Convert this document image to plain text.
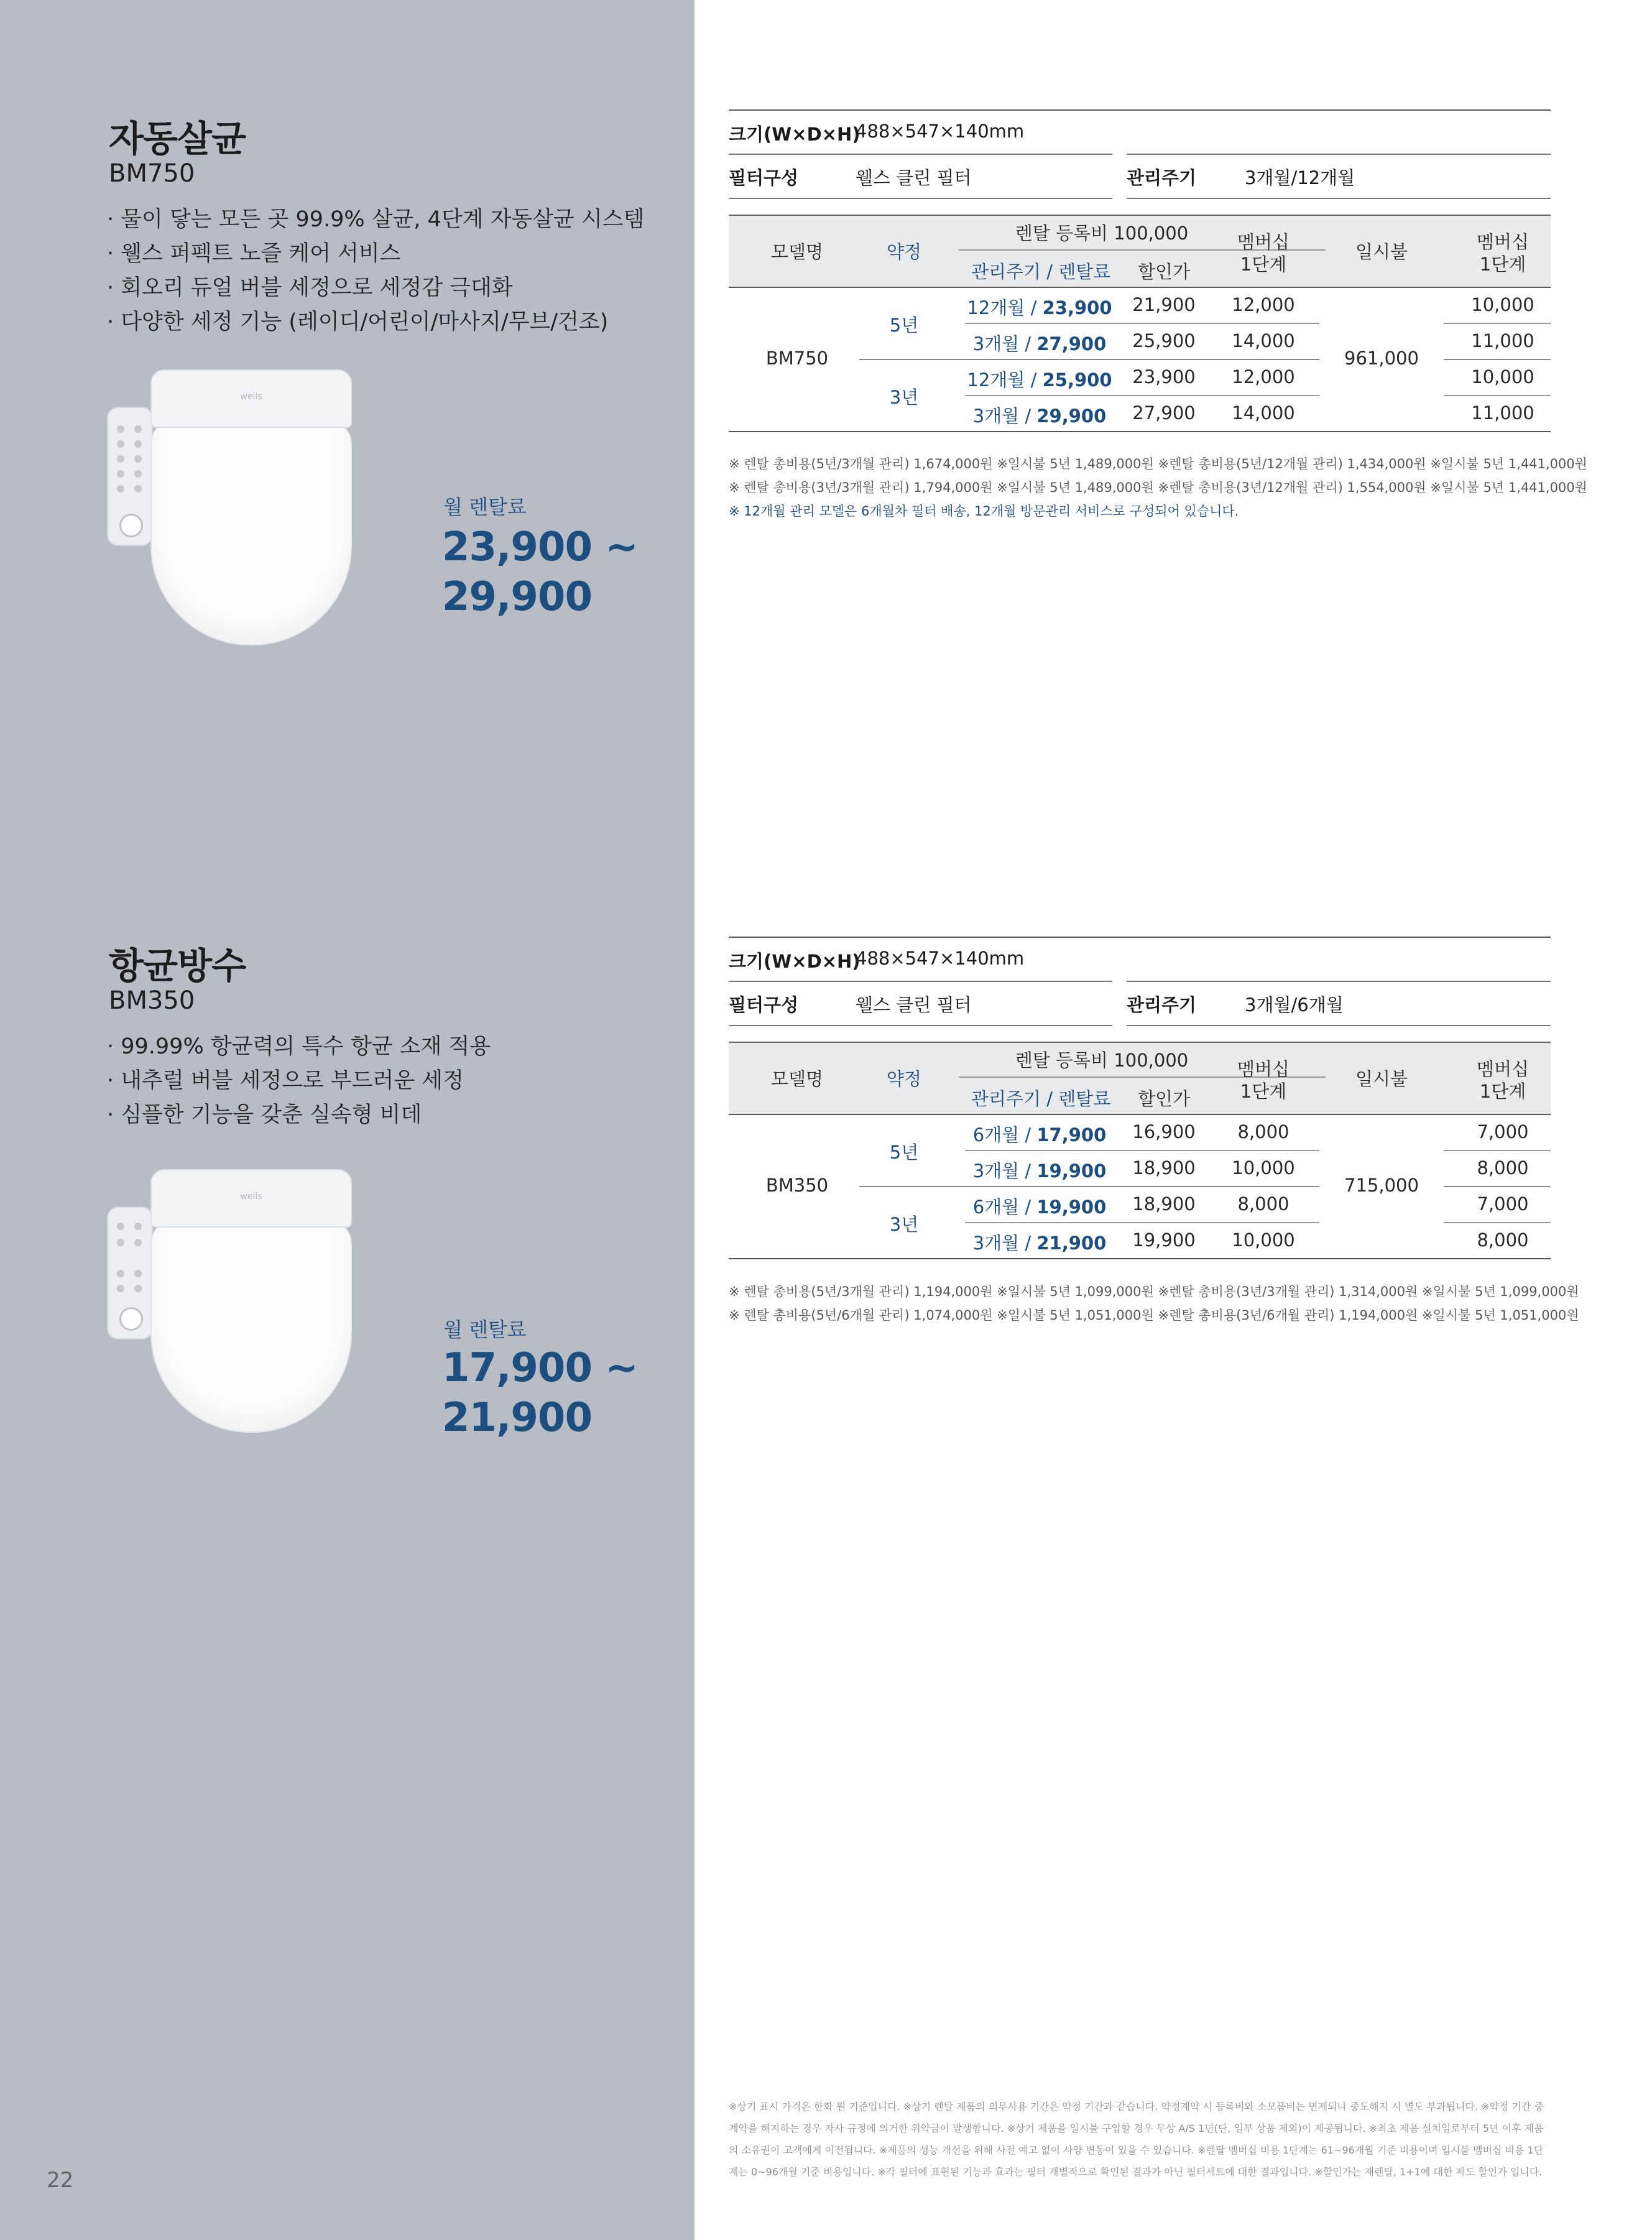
자동살균
BM750
· 물이 닿는 모든 곳 99.9% 살균, 4단계 자동살균 시스템
· 웰스 퍼펙트 노즐 케어 서비스
· 회오리 듀얼 버블 세정으로 세정감 극대화
· 다양한 세정 기능 (레이디/어린이/마사지/무브/건조)
wells
월 렌탈료
23,900 ~
29,900
크기(W×D×H)
488×547×140mm
필터구성	웰스 클린 필터	관리주기	3개월/12개월
모델명	약정
렌탈 등록비 100,000
관리주기 / 렌탈료	할인가
멤버십
1단계
일시불	멤버십
1단계
5년
12개월 / 23,900	21,900	12,000	10,000
3개월 / 27,900	25,900	14,000	11,000
3년
12개월 / 25,900	23,900	12,000	10,000
3개월 / 29,900	27,900	14,000	11,000
BM750	961,000
※ 렌탈 총비용(5년/3개월 관리) 1,674,000원 ※일시불 5년 1,489,000원 ※렌탈 총비용(5년/12개월 관리) 1,434,000원 ※일시불 5년 1,441,000원
※ 렌탈 총비용(3년/3개월 관리) 1,794,000원 ※일시불 5년 1,489,000원 ※렌탈 총비용(3년/12개월 관리) 1,554,000원 ※일시불 5년 1,441,000원
※ 12개월 관리 모델은 6개월차 필터 배송, 12개월 방문관리 서비스로 구성되어 있습니다.
항균방수
BM350
· 99.99% 항균력의 특수 항균 소재 적용
· 내추럴 버블 세정으로 부드러운 세정
· 심플한 기능을 갖춘 실속형 비데
wells
월 렌탈료
17,900 ~
21,900
크기(W×D×H)
488×547×140mm
필터구성	웰스 클린 필터	관리주기	3개월/6개월
모델명	약정
렌탈 등록비 100,000
관리주기 / 렌탈료	할인가
멤버십
1단계
일시불	멤버십
1단계
5년
6개월 / 17,900	16,900	8,000	7,000
3개월 / 19,900	18,900	10,000	8,000
3년
6개월 / 19,900	18,900	8,000	7,000
3개월 / 21,900	19,900	10,000	8,000
BM350	715,000
※ 렌탈 총비용(5년/3개월 관리) 1,194,000원 ※일시불 5년 1,099,000원 ※렌탈 총비용(3년/3개월 관리) 1,314,000원 ※일시불 5년 1,099,000원
※ 렌탈 총비용(5년/6개월 관리) 1,074,000원 ※일시불 5년 1,051,000원 ※렌탈 총비용(3년/6개월 관리) 1,194,000원 ※일시불 5년 1,051,000원
※상기 표시 가격은 한화 원 기준입니다. ※상기 렌탈 제품의 의무사용 기간은 약정 기간과 같습니다. 약정계약 시 등록비와 소모품비는 면제되나 중도해지 시 별도 부과됩니다. ※약정 기간 중 계약을 해지하는 경우 자사 규정에 의거한 위약금이 발생합니다. ※상기 제품을 일시불 구입할 경우 무상 A/S 1년(단, 일부 상품 제외)이 제공됩니다. ※최초 제품 설치일로부터 5년 이후 제품의 소유권이 고객에게 이전됩니다. ※제품의 성능 개선을 위해 사전 예고 없이 사양 변동이 있을 수 있습니다. ※렌탈 멤버십 비용 1단계는 61~96개월 기준 비용이며 일시불 멤버십 비용 1단계는 0~96개월 기준 비용입니다. ※각 필터에 표현된 기능과 효과는 필터 개별적으로 확인된 결과가 아닌 필터세트에 대한 결과입니다. ※할인가는 재렌탈, 1+1에 대한 제도 할인가 입니다.
22
